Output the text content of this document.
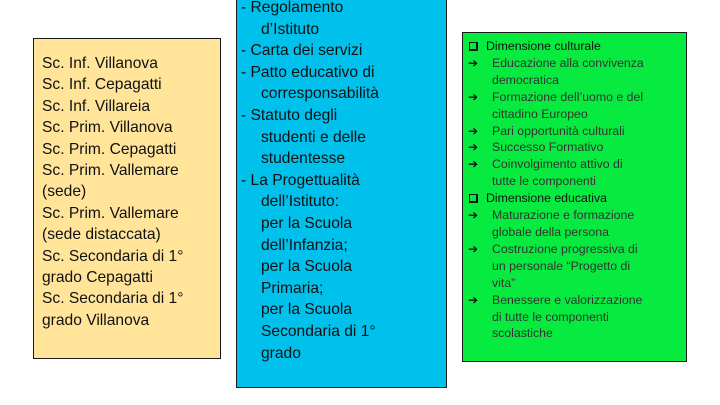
Sc. Inf. Villanova
Sc. Inf. Cepagatti
Sc. Inf. Villareia
Sc. Prim. Villanova
Sc. Prim. Cepagatti
Sc. Prim. Vallemare
(sede)
Sc. Prim. Vallemare
(sede distaccata)
Sc. Secondaria di 1°
grado Cepagatti
Sc. Secondaria di 1°
grado Villanova
- Regolamento
d’Istituto
- Carta dei servizi
- Patto educativo di
corresponsabilità
- Statuto degli
studenti e delle
studentesse
- La Progettualità
dell’Istituto:
per la Scuola
dell’Infanzia;
per la Scuola
Primaria;
per la Scuola
Secondaria di 1°
grado
Dimensione culturale
➔	Educazione alla convivenza
democratica
➔	Formazione dell’uomo e del
cittadino Europeo
➔	Pari opportunità culturali
➔	Successo Formativo
➔	Coinvolgimento attivo di
tutte le componenti
Dimensione educativa
➔	Maturazione e formazione
globale della persona
➔	Costruzione progressiva di
un personale “Progetto di
vita”
➔	Benessere e valorizzazione
di tutte le componenti
scolastiche
